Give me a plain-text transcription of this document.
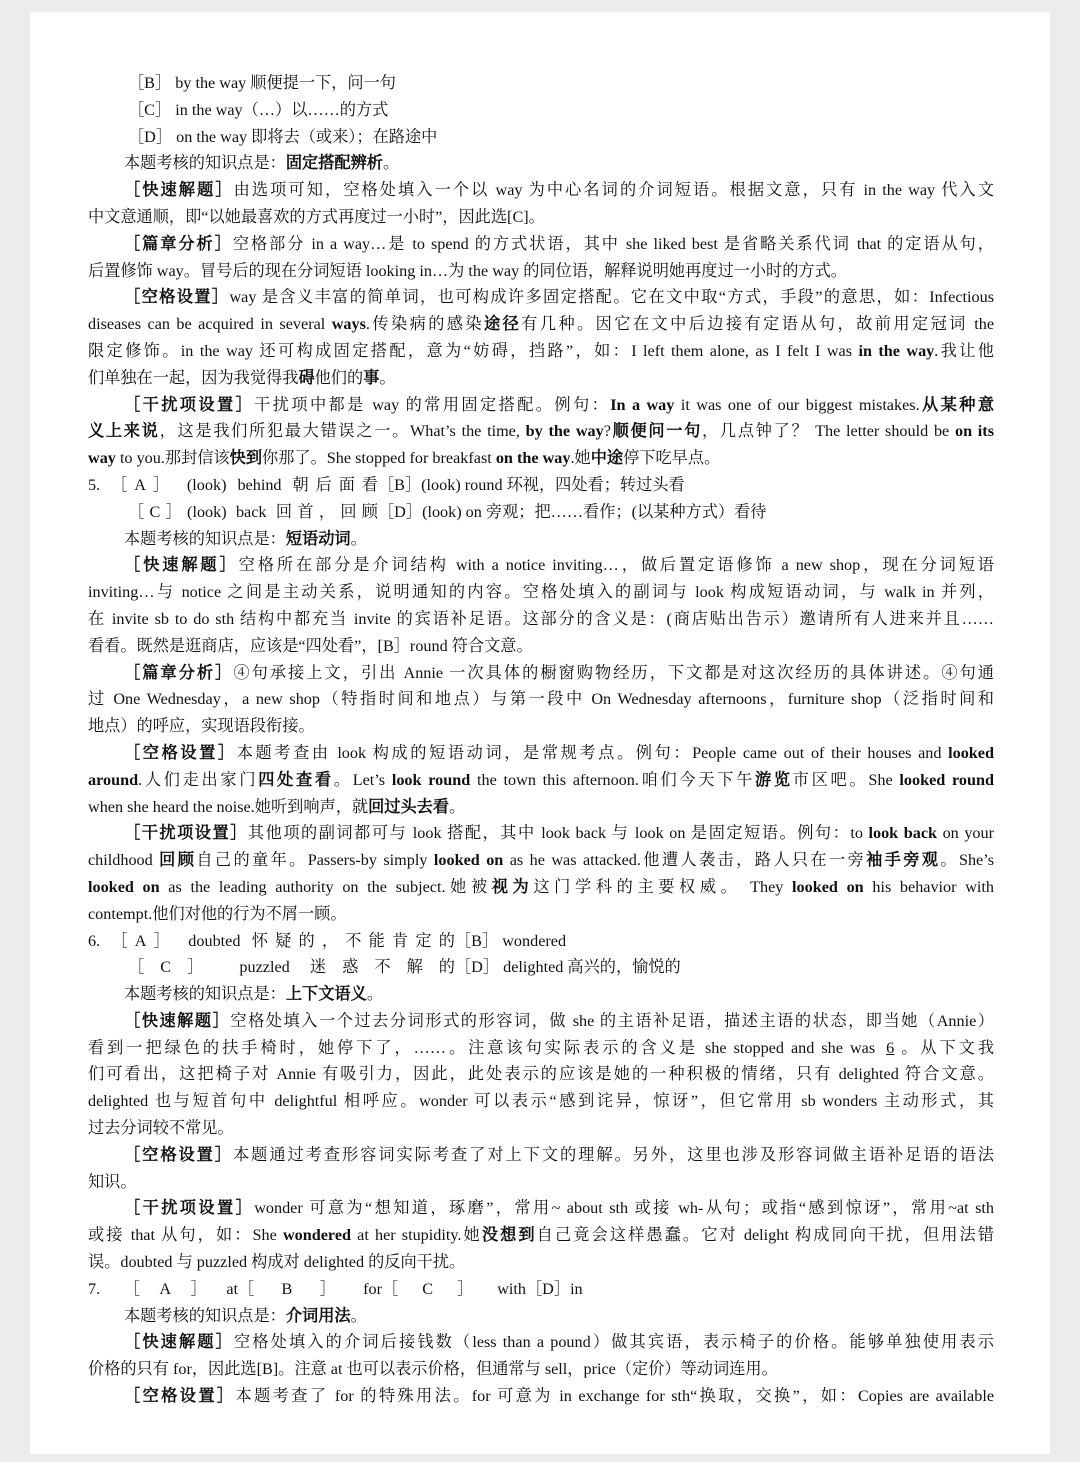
［B］ by the way 顺便提一下，问一句
［C］ in the way（…）以……的方式
［D］ on the way 即将去（或来）；在路途中
本题考核的知识点是：固定搭配辨析。
［快速解题］由选项可知，空格处填入一个以 way 为中心名词的介词短语。根据文意，只有 in the way 代入文
中文意通顺，即“以她最喜欢的方式再度过一小时”，因此选[C]。
［篇章分析］空格部分 in a way…是 to spend 的方式状语，其中 she liked best 是省略关系代词 that 的定语从句，
后置修饰 way。冒号后的现在分词短语 looking in…为 the way 的同位语，解释说明她再度过一小时的方式。
［空格设置］way 是含义丰富的简单词，也可构成许多固定搭配。它在文中取“方式，手段”的意思，如：Infectious
diseases can be acquired in several ways.传染病的感染途径有几种。因它在文中后边接有定语从句，故前用定冠词 the
限定修饰。in the way 还可构成固定搭配，意为“妨碍，挡路”，如：I left them alone, as I felt I was in the way.我让他
们单独在一起，因为我觉得我碍他们的事。
［干扰项设置］干扰项中都是 way 的常用固定搭配。例句：In a way it was one of our biggest mistakes.从某种意
义上来说，这是我们所犯最大错误之一。What’s the time, by the way?顺便问一句，几点钟了？ The letter should be on its
way to you.那封信该快到你那了。She stopped for breakfast on the way.她中途停下吃早点。
5. ［A］ (look) behind 朝后面看 ［B］(look) round 环视，四处看；转过头看
［C］(look) back 回首，回顾 ［D］(look) on 旁观；把……看作；(以某种方式）看待
本题考核的知识点是：短语动词。
［快速解题］空格所在部分是介词结构 with a notice inviting…，做后置定语修饰 a new shop，现在分词短语
inviting…与 notice 之间是主动关系，说明通知的内容。空格处填入的副词与 look 构成短语动词，与 walk in 并列，
在 invite sb to do sth 结构中都充当 invite 的宾语补足语。这部分的含义是：(商店贴出告示）邀请所有人进来并且……
看看。既然是逛商店，应该是“四处看”，[B］round 符合文意。
［篇章分析］④句承接上文，引出 Annie 一次具体的橱窗购物经历，下文都是对这次经历的具体讲述。④句通
过 One Wednesday，a new shop（特指时间和地点）与第一段中 On Wednesday afternoons，furniture shop（泛指时间和
地点）的呼应，实现语段衔接。
［空格设置］本题考查由 look 构成的短语动词，是常规考点。例句：People came out of their houses and looked
around.人们走出家门四处查看。Let’s look round the town this afternoon.咱们今天下午游览市区吧。She looked round
when she heard the noise.她听到响声，就回过头去看。
［干扰项设置］其他项的副词都可与 look 搭配，其中 look back 与 look on 是固定短语。例句：to look back on your
childhood 回顾自己的童年。Passers-by simply looked on as he was attacked.他遭人袭击，路人只在一旁袖手旁观。She’s
looked on as the leading authority on the subject.她被视为这门学科的主要权威。 They looked on his behavior with
contempt.他们对他的行为不屑一顾。
6. ［A］ doubted 怀疑的，不能肯定的 ［B］ wondered
［C］ puzzled 迷惑不解的 ［D］ delighted 高兴的，愉悦的
本题考核的知识点是：上下文语义。
［快速解题］空格处填入一个过去分词形式的形容词，做 she 的主语补足语，描述主语的状态，即当她（Annie）
看到一把绿色的扶手椅时，她停下了，……。注意该句实际表示的含义是 she stopped and she was 6 。从下文我
们可看出，这把椅子对 Annie 有吸引力，因此，此处表示的应该是她的一种积极的情绪，只有 delighted 符合文意。
delighted 也与短首句中 delightful 相呼应。wonder 可以表示“感到诧异，惊讶”，但它常用 sb wonders 主动形式，其
过去分词较不常见。
［空格设置］本题通过考查形容词实际考查了对上下文的理解。另外，这里也涉及形容词做主语补足语的语法
知识。
［干扰项设置］wonder 可意为“想知道，琢磨”，常用~ about sth 或接 wh-从句；或指“感到惊讶”，常用~at sth
或接 that 从句，如：She wondered at her stupidity.她没想到自己竟会这样愚蠢。它对 delight 构成同向干扰，但用法错
误。doubted 与 puzzled 构成对 delighted 的反向干扰。
7. ［A］at ［B］for ［C］with ［D］in
本题考核的知识点是：介词用法。
［快速解题］空格处填入的介词后接钱数（less than a pound）做其宾语，表示椅子的价格。能够单独使用表示
价格的只有 for，因此选[B]。注意 at 也可以表示价格，但通常与 sell，price（定价）等动词连用。
［空格设置］本题考查了 for 的特殊用法。for 可意为 in exchange for sth“换取，交换”，如：Copies are available
